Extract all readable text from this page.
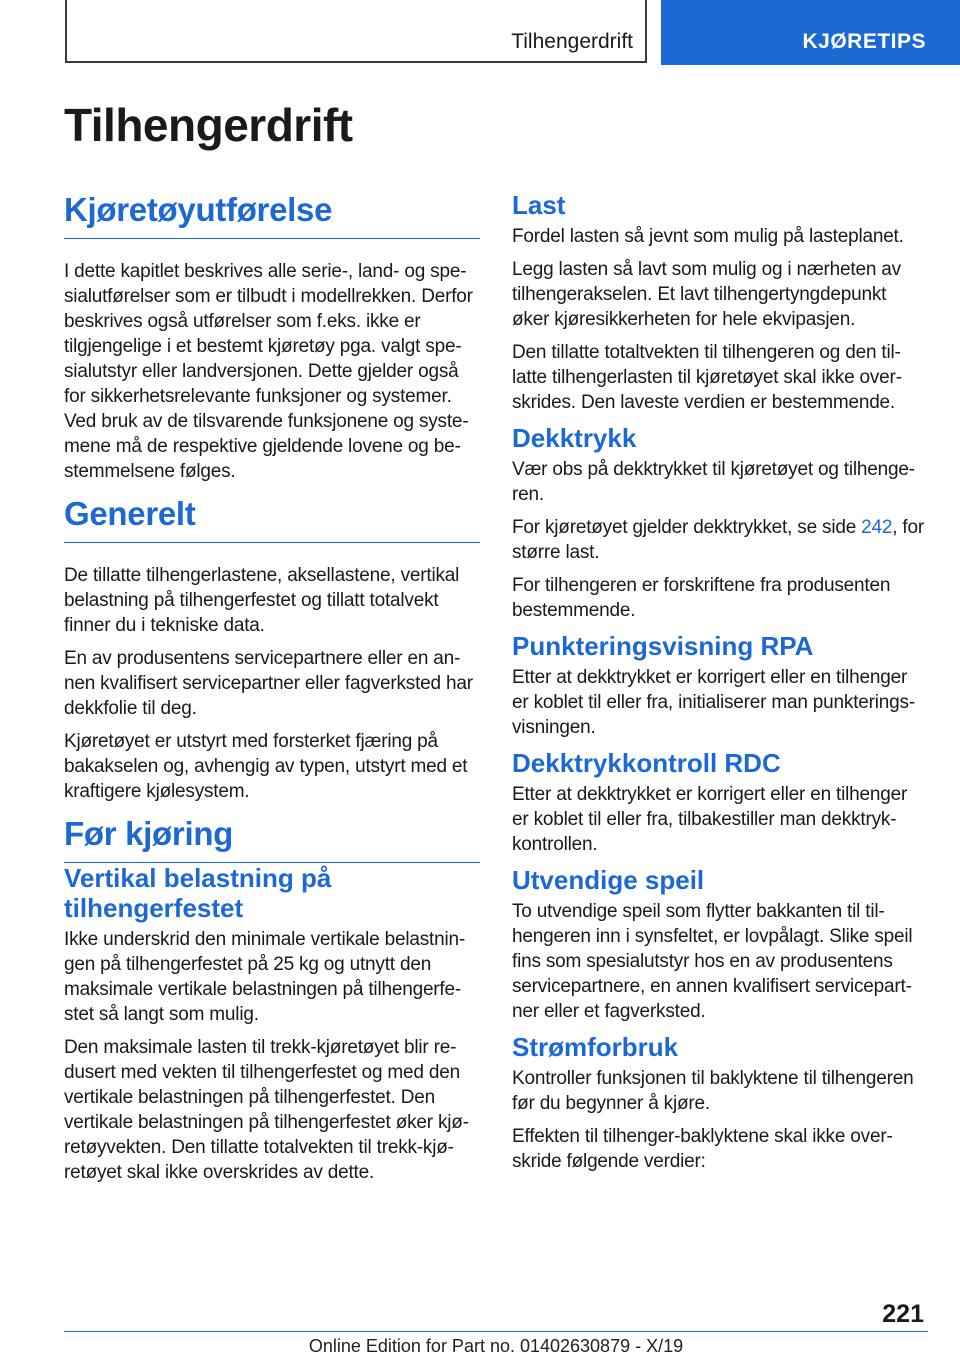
Tilhengerdrift	KJØRETIPS
Tilhengerdrift
Kjøretøyutførelse

I dette kapitlet beskrives alle serie-, land- og spesialutførelser som er tilbudt i modellrekken. Derfor beskrives også utførelser som f.eks. ikke er tilgjengelige i et bestemt kjøretøy pga. valgt spesialutstyr eller landversjonen. Dette gjelder også for sikkerhetsrelevante funksjoner og systemer. Ved bruk av de tilsvarende funksjonene og systemene må de respektive gjeldende lovene og bestemmelsene følges.

Generelt

De tillatte tilhengerlastene, aksellastene, vertikal belastning på tilhengerfestet og tillatt totalvekt finner du i tekniske data.

En av produsentens servicepartnere eller en annen kvalifisert servicepartner eller fagverksted har dekkfolie til deg.

Kjøretøyet er utstyrt med forsterket fjæring på bakakselen og, avhengig av typen, utstyrt med et kraftigere kjølesystem.

Før kjøring
Vertikal belastning på tilhengerfestet

Ikke underskrid den minimale vertikale belastningen på tilhengerfestet på 25 kg og utnytt den maksimale vertikale belastningen på tilhengerfestet så langt som mulig.

Den maksimale lasten til trekk-kjøretøyet blir redusert med vekten til tilhengerfestet og med den vertikale belastningen på tilhengerfestet. Den vertikale belastningen på tilhengerfestet øker kjøretøyvekten. Den tillatte totalvekten til trekk-kjøretøyet skal ikke overskrides av dette.

Last

Fordel lasten så jevnt som mulig på lasteplanet.

Legg lasten så lavt som mulig og i nærheten av tilhengerakselen. Et lavt tilhengertyngdepunkt øker kjøresikkerheten for hele ekvipasjen.

Den tillatte totaltvekten til tilhengeren og den tillatte tilhengerlasten til kjøretøyet skal ikke overskrides. Den laveste verdien er bestemmende.

Dekktrykk

Vær obs på dekktrykket til kjøretøyet og tilhengeren.

For kjøretøyet gjelder dekktrykket, se side 242, for større last.

For tilhengeren er forskriftene fra produsenten bestemmende.

Punkteringsvisning RPA

Etter at dekktrykket er korrigert eller en tilhenger er koblet til eller fra, initialiserer man punkteringsvisningen.

Dekktrykkontroll RDC

Etter at dekktrykket er korrigert eller en tilhenger er koblet til eller fra, tilbakestiller man dekktrykkontrollen.

Utvendige speil

To utvendige speil som flytter bakkanten til tilhengeren inn i synsfeltet, er lovpålagt. Slike speil fins som spesialutstyr hos en av produsentens servicepartnere, en annen kvalifisert servicepartner eller et fagverksted.

Strømforbruk

Kontroller funksjonen til baklyktene til tilhengeren før du begynner å kjøre.

Effekten til tilhenger-baklyktene skal ikke overskride følgende verdier:

221
Online Edition for Part no. 01402630879 - X/19
